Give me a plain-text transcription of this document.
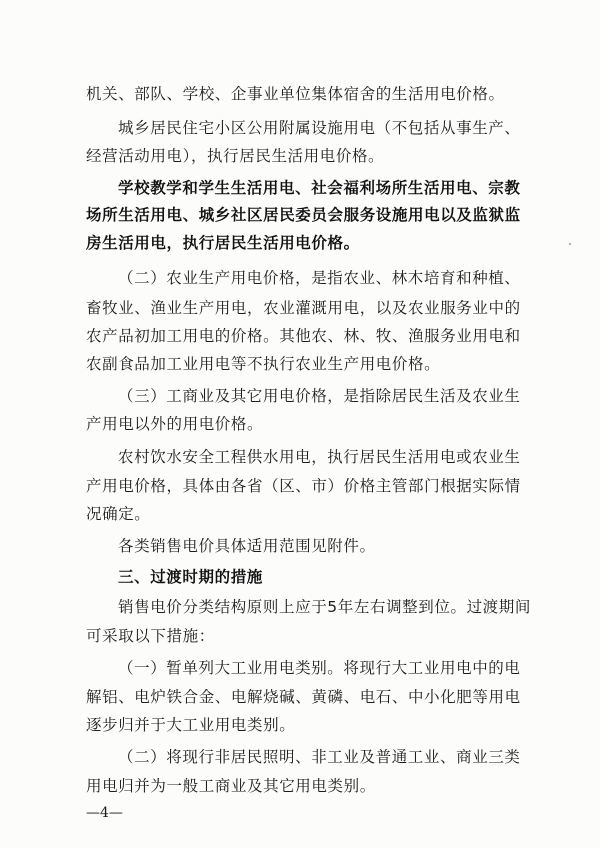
机关、部队、学校、企事业单位集体宿舍的生活用电价格。
城乡居民住宅小区公用附属设施用电（不包括从事生产、
经营活动用电），执行居民生活用电价格。
学校教学和学生生活用电、社会福利场所生活用电、宗教
场所生活用电、城乡社区居民委员会服务设施用电以及监狱监
房生活用电，执行居民生活用电价格。
（二）农业生产用电价格，是指农业、林木培育和种植、
畜牧业、渔业生产用电，农业灌溉用电，以及农业服务业中的
农产品初加工用电的价格。其他农、林、牧、渔服务业用电和
农副食品加工业用电等不执行农业生产用电价格。
（三）工商业及其它用电价格，是指除居民生活及农业生
产用电以外的用电价格。
农村饮水安全工程供水用电，执行居民生活用电或农业生
产用电价格，具体由各省（区、市）价格主管部门根据实际情
况确定。
各类销售电价具体适用范围见附件。
三、过渡时期的措施
销售电价分类结构原则上应于5年左右调整到位。过渡期间
可采取以下措施：
（一）暂单列大工业用电类别。将现行大工业用电中的电
解铝、电炉铁合金、电解烧碱、黄磷、电石、中小化肥等用电
逐步归并于大工业用电类别。
（二）将现行非居民照明、非工业及普通工业、商业三类
用电归并为一般工商业及其它用电类别。
—4—
